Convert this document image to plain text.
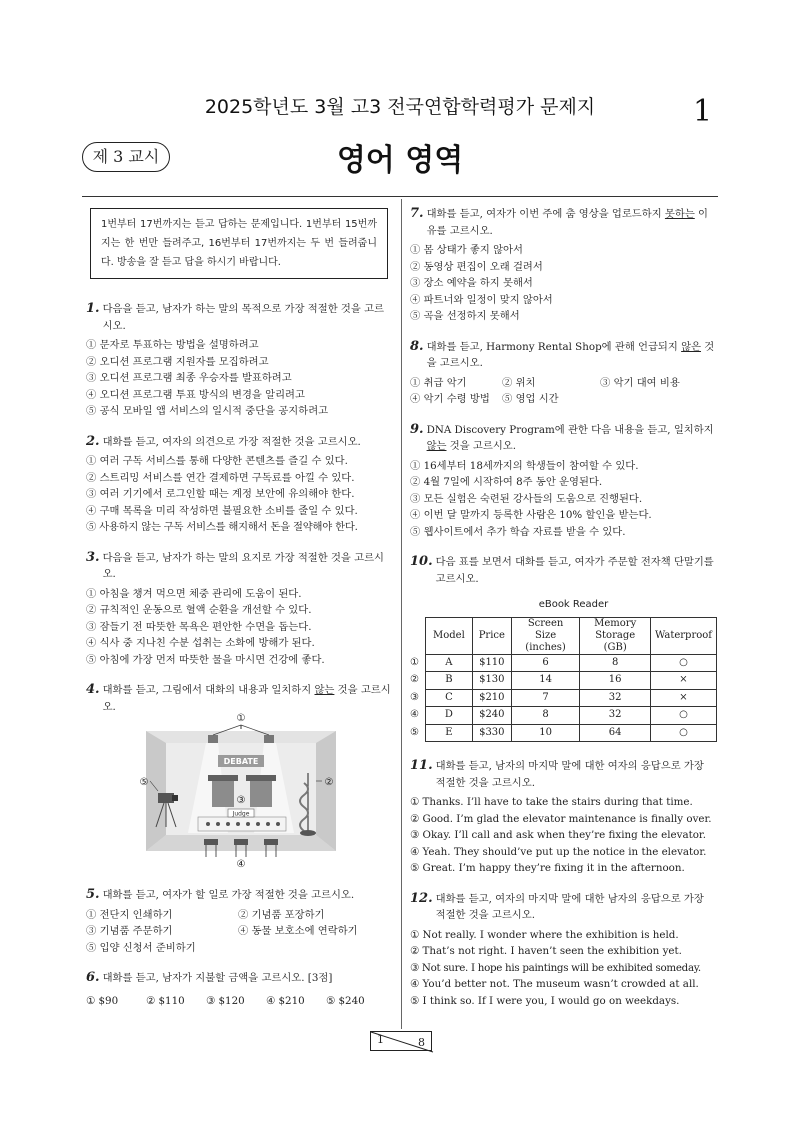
2025학년도 3월 고3 전국연합학력평가 문제지	1
제 3 교시	영어 영역
1번부터 17번까지는 듣고 답하는 문제입니다. 1번부터 15번까지는 한 번만 들려주고, 16번부터 17번까지는 두 번 들려줍니다. 방송을 잘 듣고 답을 하시기 바랍니다.
1. 다음을 듣고, 남자가 하는 말의 목적으로 가장 적절한 것을 고르시오.
① 문자로 투표하는 방법을 설명하려고
② 오디션 프로그램 지원자를 모집하려고
③ 오디션 프로그램 최종 우승자를 발표하려고
④ 오디션 프로그램 투표 방식의 변경을 알리려고
⑤ 공식 모바일 앱 서비스의 일시적 중단을 공지하려고
2. 대화를 듣고, 여자의 의견으로 가장 적절한 것을 고르시오.
① 여러 구독 서비스를 통해 다양한 콘텐츠를 즐길 수 있다.
② 스트리밍 서비스를 연간 결제하면 구독료를 아낄 수 있다.
③ 여러 기기에서 로그인할 때는 계정 보안에 유의해야 한다.
④ 구매 목록을 미리 작성하면 불필요한 소비를 줄일 수 있다.
⑤ 사용하지 않는 구독 서비스를 해지해서 돈을 절약해야 한다.
3. 다음을 듣고, 남자가 하는 말의 요지로 가장 적절한 것을 고르시오.
① 아침을 챙겨 먹으면 체중 관리에 도움이 된다.
② 규칙적인 운동으로 혈액 순환을 개선할 수 있다.
③ 잠들기 전 따뜻한 목욕은 편안한 수면을 돕는다.
④ 식사 중 지나친 수분 섭취는 소화에 방해가 된다.
⑤ 아침에 가장 먼저 따뜻한 물을 마시면 건강에 좋다.
4. 대화를 듣고, 그림에서 대화의 내용과 일치하지 않는 것을 고르시오.
DEBATE
Judge
①
②
③
④
⑤
5. 대화를 듣고, 여자가 할 일로 가장 적절한 것을 고르시오.
① 전단지 인쇄하기	② 기념품 포장하기
③ 기념품 주문하기	④ 동물 보호소에 연락하기
⑤ 입양 신청서 준비하기
6. 대화를 듣고, 남자가 지불할 금액을 고르시오. [3점]
① $90	② $110	③ $120	④ $210	⑤ $240
7. 대화를 듣고, 여자가 이번 주에 춤 영상을 업로드하지 못하는 이유를 고르시오.
① 몸 상태가 좋지 않아서
② 동영상 편집이 오래 걸려서
③ 장소 예약을 하지 못해서
④ 파트너와 일정이 맞지 않아서
⑤ 곡을 선정하지 못해서
8. 대화를 듣고, Harmony Rental Shop에 관해 언급되지 않은 것을 고르시오.
① 취급 악기	② 위치	③ 악기 대여 비용
④ 악기 수령 방법	⑤ 영업 시간
9. DNA Discovery Program에 관한 다음 내용을 듣고, 일치하지 않는 것을 고르시오.
① 16세부터 18세까지의 학생들이 참여할 수 있다.
② 4월 7일에 시작하여 8주 동안 운영된다.
③ 모든 실험은 숙련된 강사들의 도움으로 진행된다.
④ 이번 달 말까지 등록한 사람은 10% 할인을 받는다.
⑤ 웹사이트에서 추가 학습 자료를 받을 수 있다.
10. 다음 표를 보면서 대화를 듣고, 여자가 주문할 전자책 단말기를 고르시오.
eBook Reader
	Model	Price	Screen Size (inches)	Memory Storage (GB)	Waterproof
①	A	$110	6	8	○
②	B	$130	14	16	×
③	C	$210	7	32	×
④	D	$240	8	32	○
⑤	E	$330	10	64	○
11. 대화를 듣고, 남자의 마지막 말에 대한 여자의 응답으로 가장 적절한 것을 고르시오.
① Thanks. I’ll have to take the stairs during that time.
② Good. I’m glad the elevator maintenance is finally over.
③ Okay. I’ll call and ask when they’re fixing the elevator.
④ Yeah. They should’ve put up the notice in the elevator.
⑤ Great. I’m happy they’re fixing it in the afternoon.
12. 대화를 듣고, 여자의 마지막 말에 대한 남자의 응답으로 가장 적절한 것을 고르시오.
① Not really. I wonder where the exhibition is held.
② That’s not right. I haven’t seen the exhibition yet.
③ Not sure. I hope his paintings will be exhibited someday.
④ You’d better not. The museum wasn’t crowded at all.
⑤ I think so. If I were you, I would go on weekdays.
1	8
